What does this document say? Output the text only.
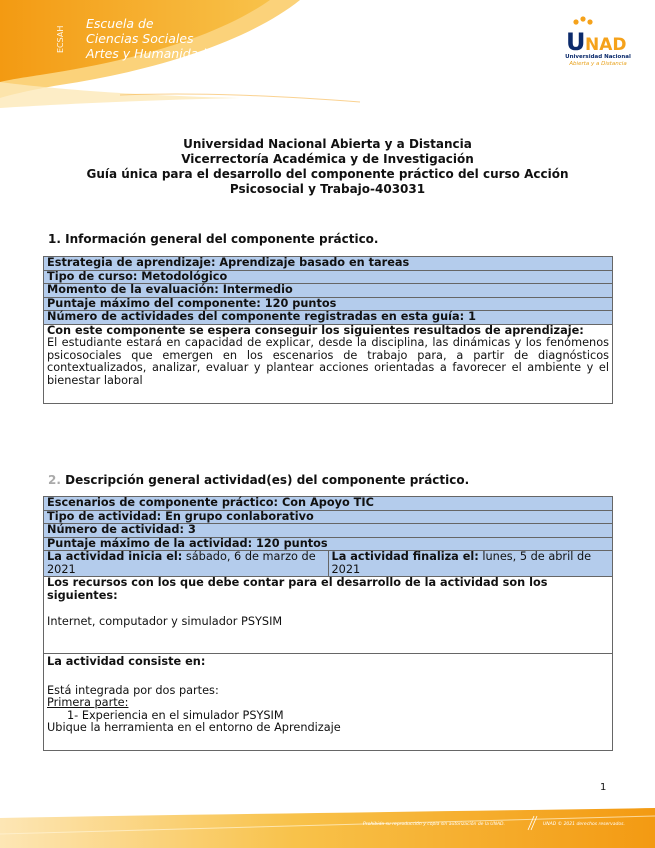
ECSAH
Escuela de
Ciencias Sociales
Artes y Humanidades	U NAD
Universidad Nacional
Abierta y a Distancia
Universidad Nacional Abierta y a Distancia
Vicerrectoría Académica y de Investigación
Guía única para el desarrollo del componente práctico del curso Acción
Psicosocial y Trabajo-403031
1. Información general del componente práctico.
Estrategia de aprendizaje: Aprendizaje basado en tareas
Tipo de curso: Metodológico
Momento de la evaluación: Intermedio
Puntaje máximo del componente: 120 puntos
Número de actividades del componente registradas en esta guía: 1

Con este componente se espera conseguir los siguientes resultados de aprendizaje:
El estudiante estará en capacidad de explicar, desde la disciplina, las dinámicas y los fenómenos psicosociales que emergen en los escenarios de trabajo para, a partir de diagnósticos contextualizados, analizar, evaluar y plantear acciones orientadas a favorecer el ambiente y el bienestar laboral
2. Descripción general actividad(es) del componente práctico.
Escenarios de componente práctico: Con Apoyo TIC
Tipo de actividad: En grupo conlaborativo
Número de actividad: 3
Puntaje máximo de la actividad: 120 puntos
La actividad inicia el: sábado, 6 de marzo de 2021	La actividad finaliza el: lunes, 5 de abril de 2021

Los recursos con los que debe contar para el desarrollo de la actividad son los siguientes:
Internet, computador y simulador PSYSIM

La actividad consiste en:
Está integrada por dos partes:
Primera parte:
1- Experiencia en el simulador PSYSIM
Ubique la herramienta en el entorno de Aprendizaje
1
Prohibida su reproducción y copia sin autorización de la UNAD.	UNAD © 2021 derechos reservados.
